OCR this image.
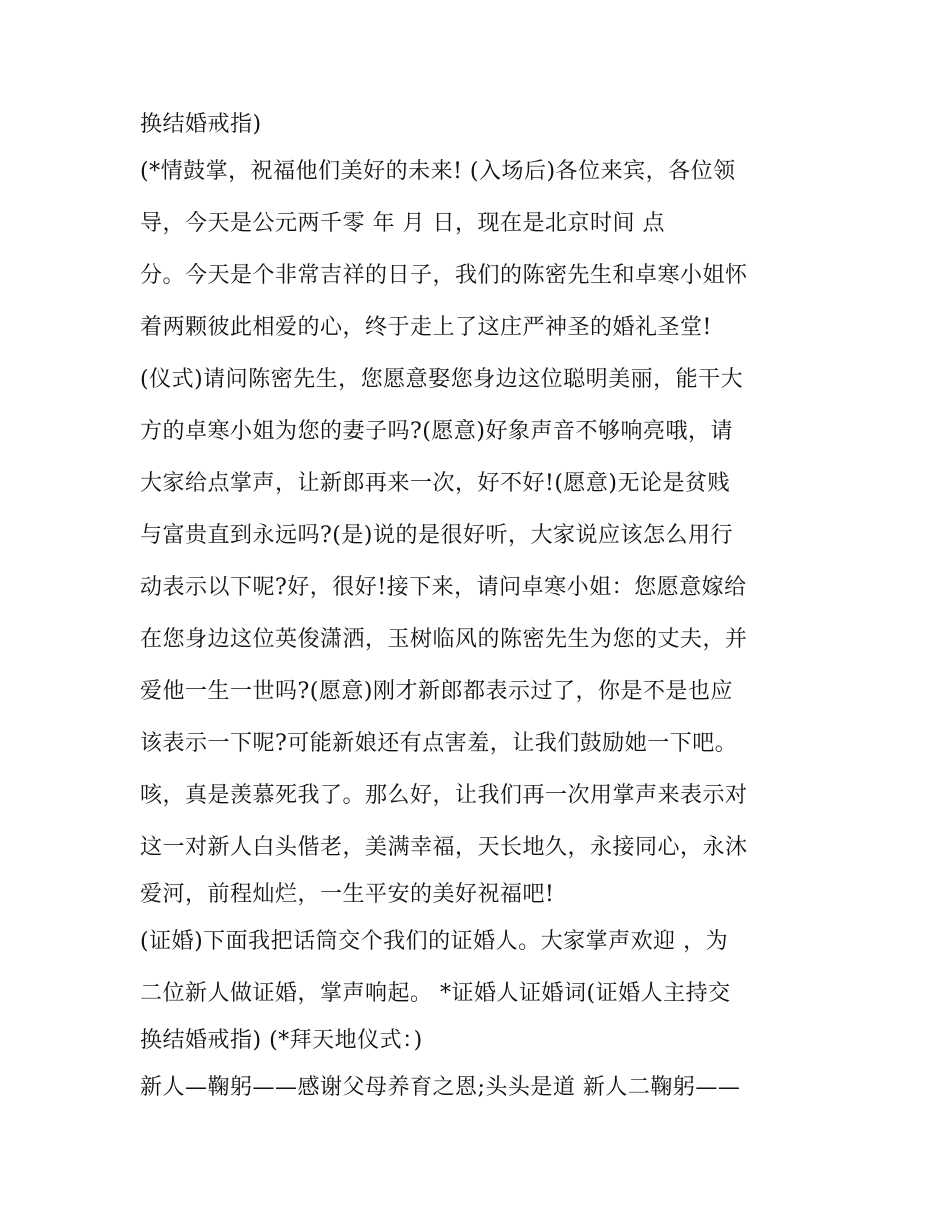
换结婚戒指)
(*情鼓掌，祝福他们美好的未来! (入场后)各位来宾，各位领
导，今天是公元两千零 年 月 日，现在是北京时间 点
分。今天是个非常吉祥的日子，我们的陈密先生和卓寒小姐怀
着两颗彼此相爱的心，终于走上了这庄严神圣的婚礼圣堂!
(仪式)请问陈密先生，您愿意娶您身边这位聪明美丽，能干大
方的卓寒小姐为您的妻子吗?(愿意)好象声音不够响亮哦，请
大家给点掌声，让新郎再来一次，好不好!(愿意)无论是贫贱
与富贵直到永远吗?(是)说的是很好听，大家说应该怎么用行
动表示以下呢?好，很好!接下来，请问卓寒小姐：您愿意嫁给
在您身边这位英俊潇洒，玉树临风的陈密先生为您的丈夫，并
爱他一生一世吗?(愿意)刚才新郎都表示过了，你是不是也应
该表示一下呢?可能新娘还有点害羞，让我们鼓励她一下吧。
咳，真是羡慕死我了。那么好，让我们再一次用掌声来表示对
这一对新人白头偕老，美满幸福，天长地久，永接同心，永沐
爱河，前程灿烂，一生平安的美好祝福吧!
(证婚)下面我把话筒交个我们的证婚人。大家掌声欢迎 ，为
二位新人做证婚，掌声响起。 *证婚人证婚词(证婚人主持交
换结婚戒指) (*拜天地仪式：)
新人—鞠躬——感谢父母养育之恩;头头是道 新人二鞠躬——
